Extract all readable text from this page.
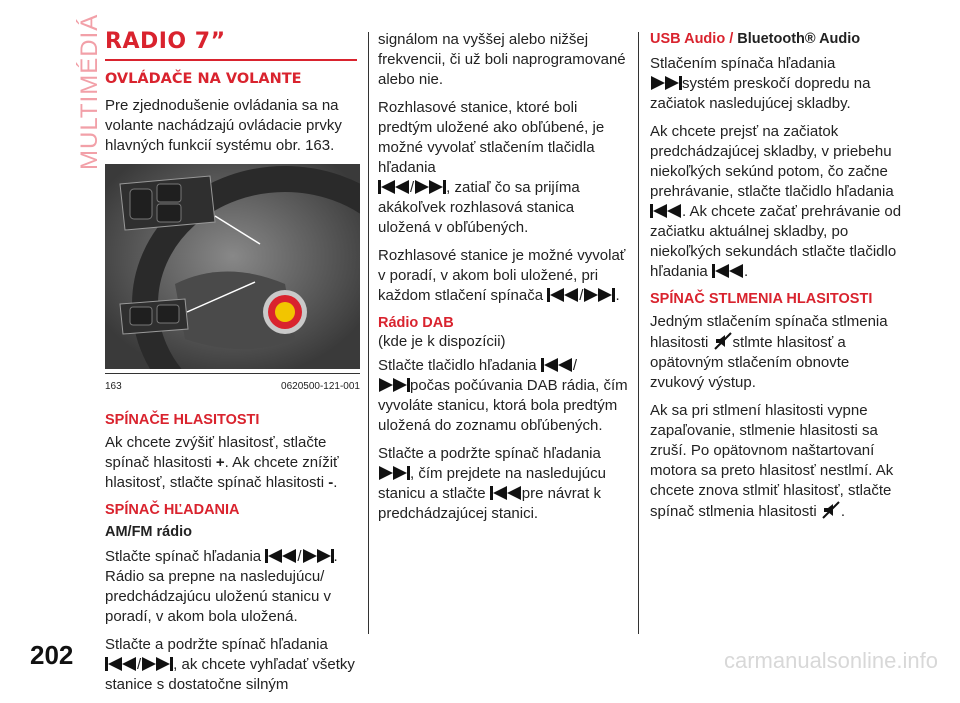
MULTIMÉDIÁ
202	carmanualsonline.info
RADIO 7”
OVLÁDAČE NA VOLANTE

Pre zjednodušenie ovládania sa na volante nachádzajú ovládacie prvky hlavných funkcií systému obr. 163.

163	0620500-121-001
SPÍNAČE HLASITOSTI

Ak chcete zvýšiť hlasitosť, stlačte spínač hlasitosti +. Ak chcete znížiť hlasitosť, stlačte spínač hlasitosti -.

SPÍNAČ HĽADANIA
AM/FM rádio

Stlačte spínač hľadania / . Rádio sa prepne na nasledujúcu/ predchádzajúcu uloženú stanicu v poradí, v akom bola uložená.

Stlačte a podržte spínač hľadania
/ , ak chcete vyhľadať všetky stanice s dostatočne silným

signálom na vyššej alebo nižšej frekvencii, či už boli naprogramované alebo nie.

Rozhlasové stanice, ktoré boli predtým uložené ako obľúbené, je možné vyvolať stlačením tlačidla hľadania
/ , zatiaľ čo sa prijíma akákoľvek rozhlasová stanica uložená v obľúbených.

Rozhlasové stanice je možné vyvolať v poradí, v akom boli uložené, pri každom stlačení spínača / .

Rádio DAB

(kde je k dispozícii)

Stlačte tlačidlo hľadania /
počas počúvania DAB rádia, čím vyvoláte stanicu, ktorá bola predtým uložená do zoznamu obľúbených.

Stlačte a podržte spínač hľadania
, čím prejdete na nasledujúcu stanicu a stlačte pre návrat k predchádzajúcej stanici.

USB Audio / Bluetooth® Audio

Stlačením spínača hľadania
systém preskočí dopredu na začiatok nasledujúcej skladby.

Ak chcete prejsť na začiatok predchádzajúcej skladby, v priebehu niekoľkých sekúnd potom, čo začne prehrávanie, stlačte tlačidlo hľadania
. Ak chcete začať prehrávanie od začiatku aktuálnej skladby, po niekoľkých sekundách stlačte tlačidlo hľadania .

SPÍNAČ STLMENIA HLASITOSTI

Jedným stlačením spínača stlmenia hlasitosti stlmte hlasitosť a opätovným stlačením obnovte zvukový výstup.

Ak sa pri stlmení hlasitosti vypne zapaľovanie, stlmenie hlasitosti sa zruší. Po opätovnom naštartovaní motora sa preto hlasitosť nestlmí. Ak chcete znova stlmiť hlasitosť, stlačte spínač stlmenia hlasitosti .
